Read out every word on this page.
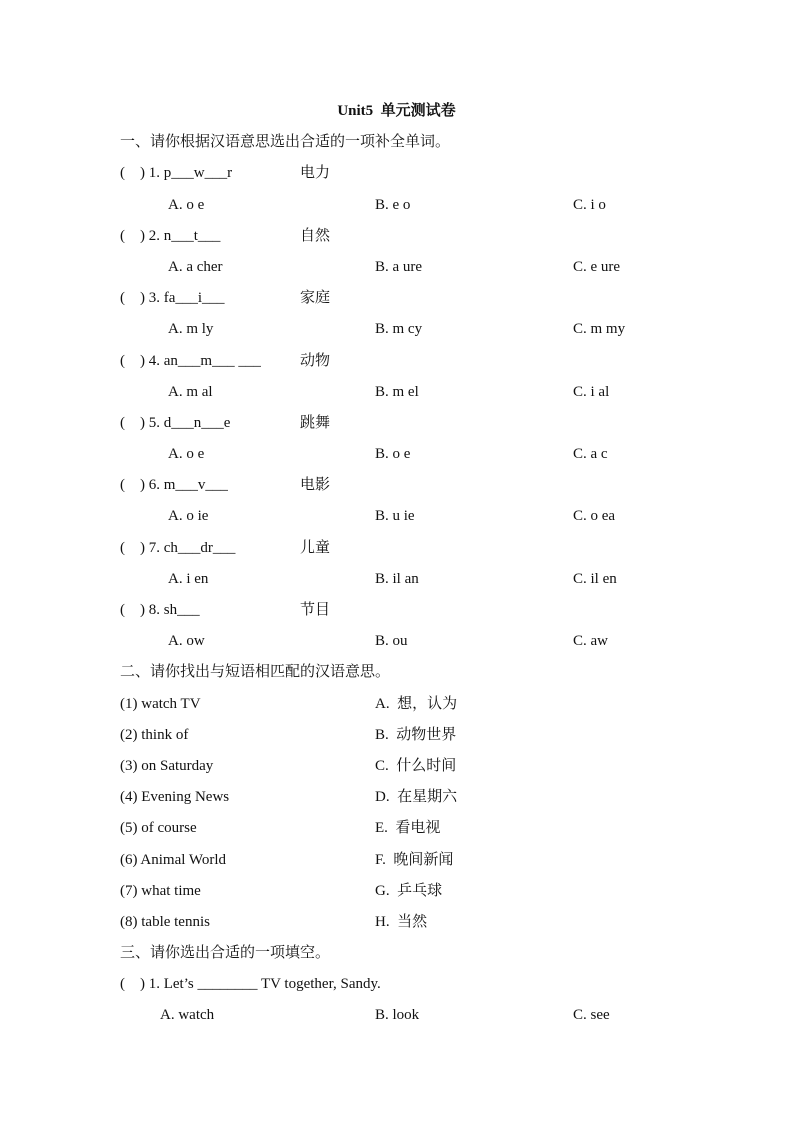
Unit5  单元测试卷
一、请你根据汉语意思选出合适的一项补全单词。
(    ) 1. p___w___r	电力
A. o e	B. e o	C. i o
(    ) 2. n___t___	自然
A. a cher	B. a ure	C. e ure
(    ) 3. fa___i___	家庭
A. m ly	B. m cy	C. m my
(    ) 4. an___m___ ___	动物
A. m al	B. m el	C. i al
(    ) 5. d___n___e	跳舞
A. o e	B. o e	C. a c
(    ) 6. m___v___	电影
A. o ie	B. u ie	C. o ea
(    ) 7. ch___dr___	儿童
A. i en	B. il an	C. il en
(    ) 8. sh___	节目
A. ow	B. ou	C. aw
二、请你找出与短语相匹配的汉语意思。
(1) watch TV	A.  想，认为
(2) think of	B.  动物世界
(3) on Saturday	C.  什么时间
(4) Evening News	D.  在星期六
(5) of course	E.  看电视
(6) Animal World	F.  晚间新闻
(7) what time	G.  乒乓球
(8) table tennis	H.  当然
三、请你选出合适的一项填空。
(    ) 1. Let’s ________ TV together, Sandy.
A. watch	B. look	C. see
